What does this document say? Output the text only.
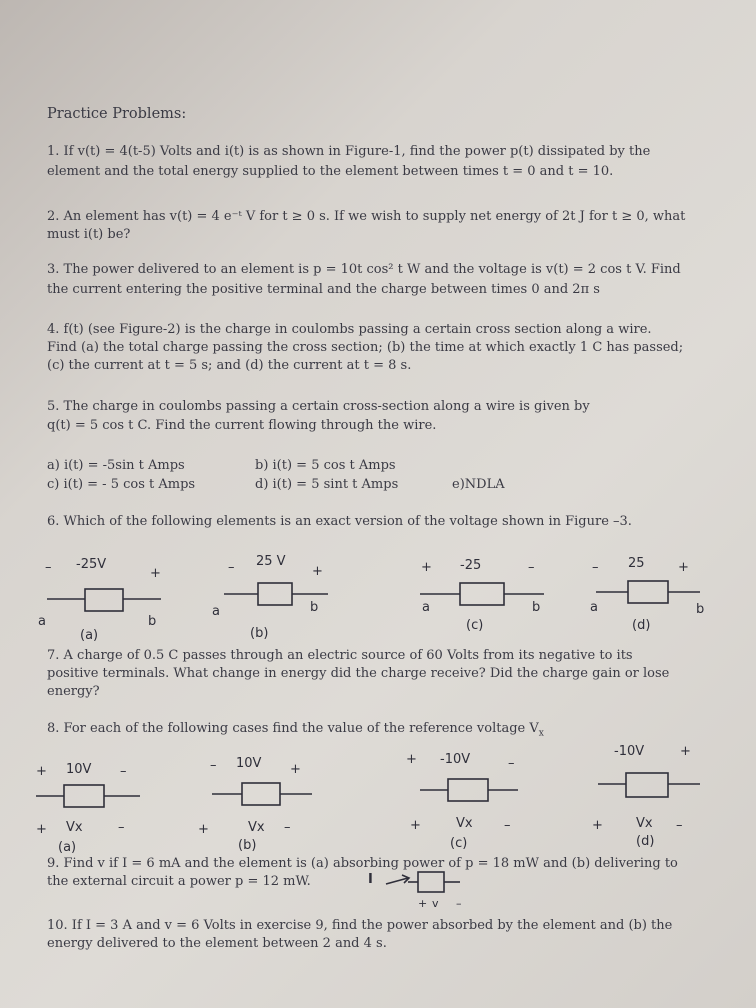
Practice Problems:
1. If v(t) = 4(t-5) Volts and i(t) is as shown in Figure-1, find the power p(t) dissipated by the
element and the total energy supplied to the element between times t = 0 and t = 10.
2. An element has v(t) = 4 e⁻ᵗ V for t ≥ 0 s. If we wish to supply net energy of 2t J for t ≥ 0, what
must i(t) be?
3. The power delivered to an element is p = 10t cos² t W and the voltage is v(t) = 2 cos t V. Find
the current entering the positive terminal and the charge between times 0 and 2π s
4. f(t) (see Figure-2) is the charge in coulombs passing a certain cross section along a wire.
Find (a) the total charge passing the cross section; (b) the time at which exactly 1 C has passed;
(c) the current at t = 5 s; and (d) the current at t = 8 s.
5. The charge in coulombs passing a certain cross-section along a wire is given by
q(t) = 5 cos t C. Find the current flowing through the wire.
a) i(t) = -5sin t Amps	b) i(t) = 5 cos t Amps
c) i(t) = - 5 cos t Amps	d) i(t) = 5 sint t Amps	e)NDLA
6. Which of the following elements is an exact version of the voltage shown in Figure –3.
– -25V
+
a	b
(a)
– 25 V
+
a	b
(b)
+ -25	–
a	b
(c)
– 25	+
a	b
(d)
7. A charge of 0.5 C passes through an electric source of 60 Volts from its negative to its
positive terminals. What change in energy did the charge receive? Did the charge gain or lose
energy?
8. For each of the following cases find the value of the reference voltage $V_x$
+ 10V –
+ Vx	–
(a)
– 10V +
+	Vx –
(b)
+ -10V	–
+	Vx –
(c)
-10V	+
+	Vx –
(d)
9. Find v if I = 6 mA and the element is (a) absorbing power of p = 18 mW and (b) delivering to
the external circuit a power p = 12 mW.	I
+ v –
10. If I = 3 A and v = 6 Volts in exercise 9, find the power absorbed by the element and (b) the
energy delivered to the element between 2 and 4 s.
